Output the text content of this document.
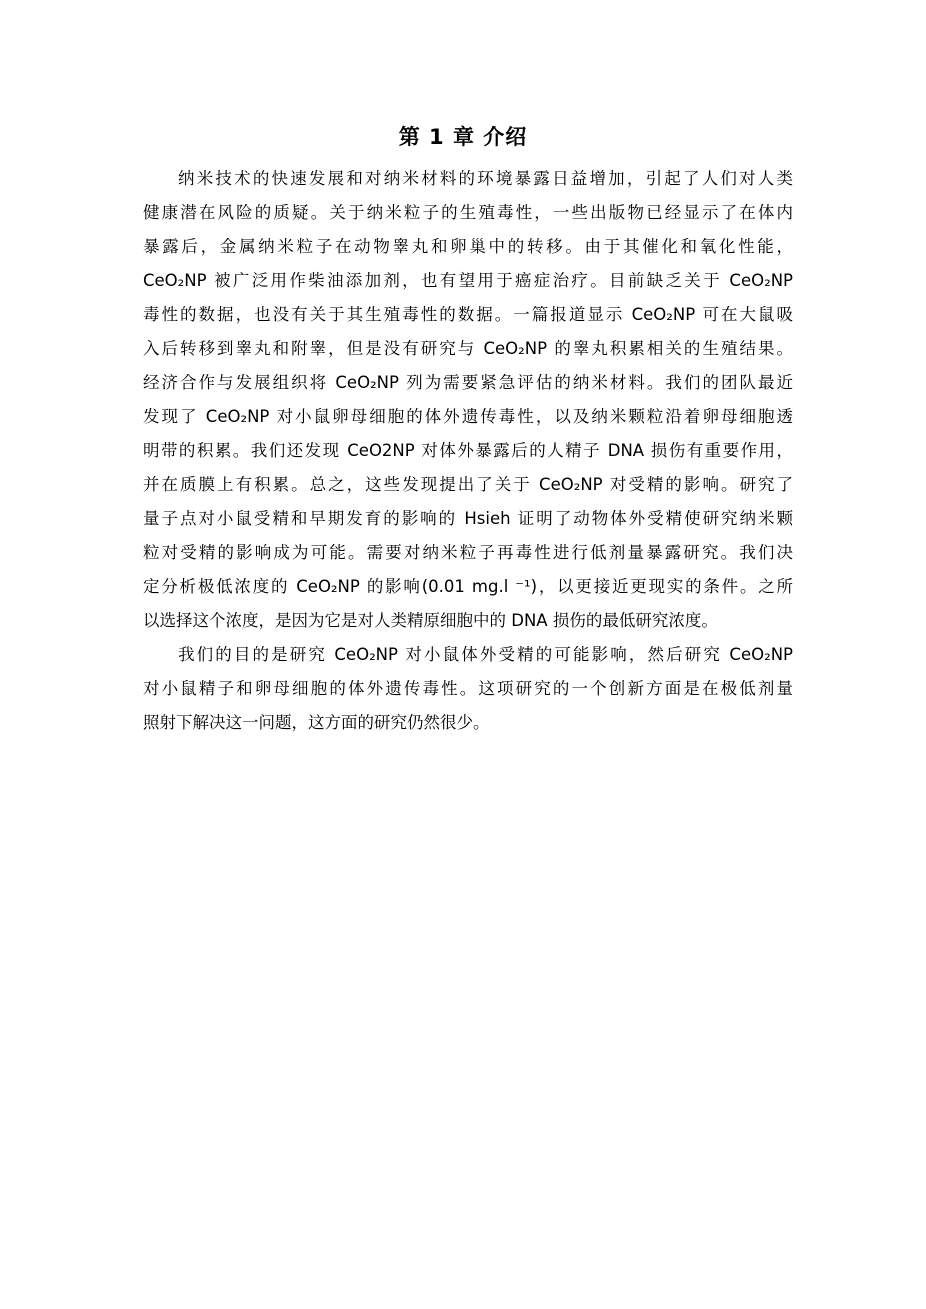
第 1 章 介绍
纳米技术的快速发展和对纳米材料的环境暴露日益增加，引起了人们对人类
健康潜在风险的质疑。关于纳米粒子的生殖毒性，一些出版物已经显示了在体内
暴露后，金属纳米粒子在动物睾丸和卵巢中的转移。由于其催化和氧化性能，
CeO₂NP 被广泛用作柴油添加剂，也有望用于癌症治疗。目前缺乏关于 CeO₂NP
毒性的数据，也没有关于其生殖毒性的数据。一篇报道显示 CeO₂NP 可在大鼠吸
入后转移到睾丸和附睾，但是没有研究与 CeO₂NP 的睾丸积累相关的生殖结果。
经济合作与发展组织将 CeO₂NP 列为需要紧急评估的纳米材料。我们的团队最近
发现了 CeO₂NP 对小鼠卵母细胞的体外遗传毒性，以及纳米颗粒沿着卵母细胞透
明带的积累。我们还发现 CeO2NP 对体外暴露后的人精子 DNA 损伤有重要作用，
并在质膜上有积累。总之，这些发现提出了关于 CeO₂NP 对受精的影响。研究了
量子点对小鼠受精和早期发育的影响的 Hsieh 证明了动物体外受精使研究纳米颗
粒对受精的影响成为可能。需要对纳米粒子再毒性进行低剂量暴露研究。我们决
定分析极低浓度的 CeO₂NP 的影响(0.01 mg.l ⁻¹)，以更接近更现实的条件。之所
以选择这个浓度，是因为它是对人类精原细胞中的 DNA 损伤的最低研究浓度。
我们的目的是研究 CeO₂NP 对小鼠体外受精的可能影响，然后研究 CeO₂NP
对小鼠精子和卵母细胞的体外遗传毒性。这项研究的一个创新方面是在极低剂量
照射下解决这一问题，这方面的研究仍然很少。
